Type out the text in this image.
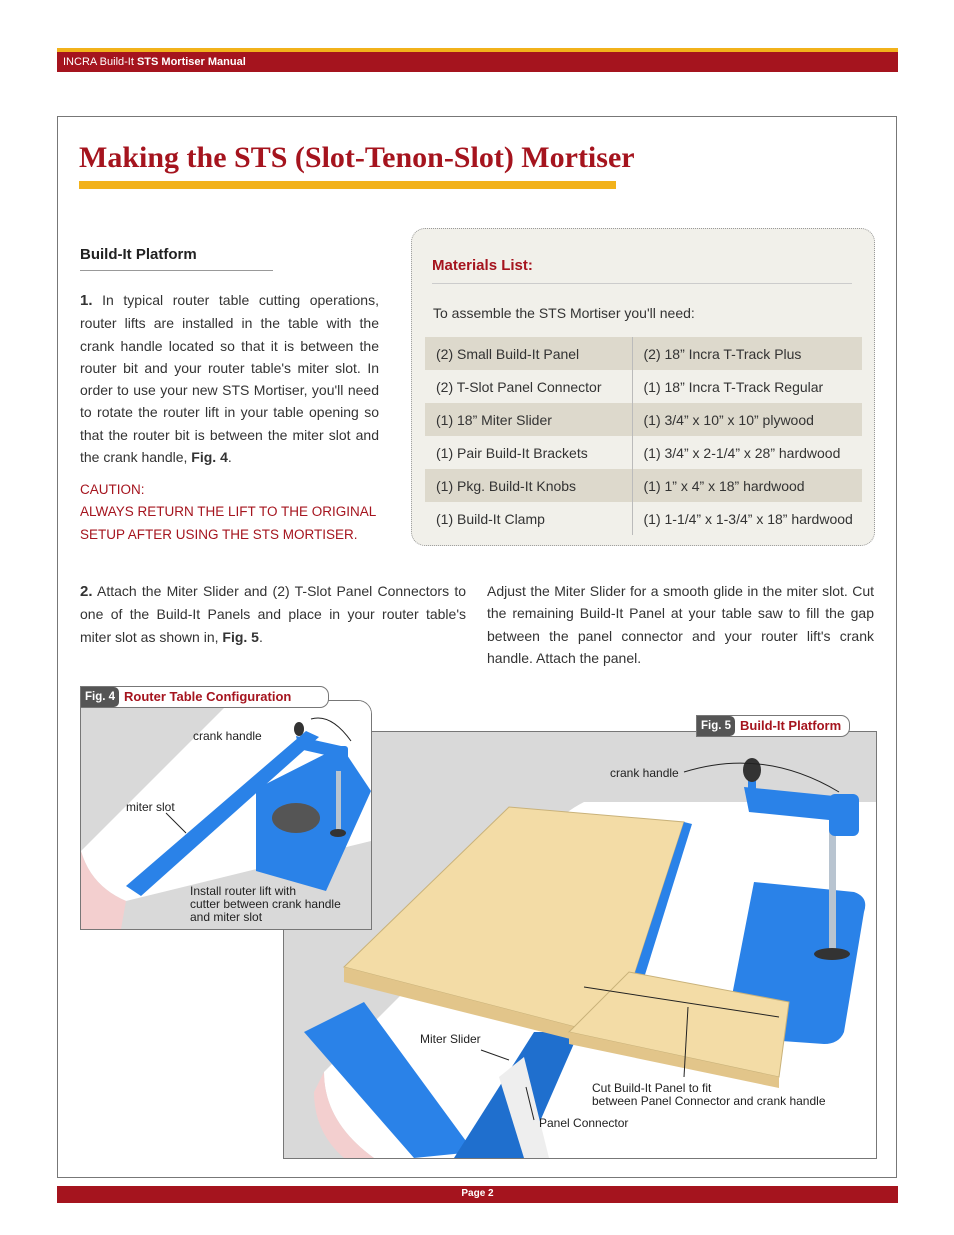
INCRA Build-It STS Mortiser Manual
Making the STS (Slot-Tenon-Slot) Mortiser
Build-It Platform

1. In typical router table cutting operations, router lifts are installed in the table with the crank handle located so that it is between the router bit and your router table's miter slot. In order to use your new STS Mortiser, you'll need to rotate the router lift in your table opening so that the router bit is between the miter slot and the crank handle, Fig. 4.

CAUTION:
ALWAYS RETURN THE LIFT TO THE ORIGINAL SETUP AFTER USING THE STS MORTISER.
Materials List:
To assemble the STS Mortiser you'll need:
(2) Small Build-It Panel	(2) 18” Incra T-Track Plus
(2) T-Slot Panel Connector	(1) 18” Incra T-Track Regular
(1) 18” Miter Slider	(1) 3/4” x 10” x 10” plywood
(1) Pair Build-It Brackets	(1) 3/4” x 2-1/4” x 28” hardwood
(1) Pkg. Build-It Knobs	(1) 1” x 4” x 18” hardwood
(1) Build-It Clamp	(1) 1-1/4” x 1-3/4” x 18” hardwood

2. Attach the Miter Slider and (2) T-Slot Panel Connectors to one of the Build-It Panels and place in your router table's miter slot as shown in, Fig. 5.

Adjust the Miter Slider for a smooth glide in the miter slot. Cut the remaining Build-It Panel at your table saw to fill the gap between the panel connector and your router lift's crank handle. Attach the panel.

crank handle
Miter Slider
Cut Build-It Panel to fit
between Panel Connector and crank handle
Panel Connector
Fig. 5 Build-It Platform
crank handle
miter slot
Install router lift with
cutter between crank handle
and miter slot
Fig. 4 Router Table Configuration
Page 2
